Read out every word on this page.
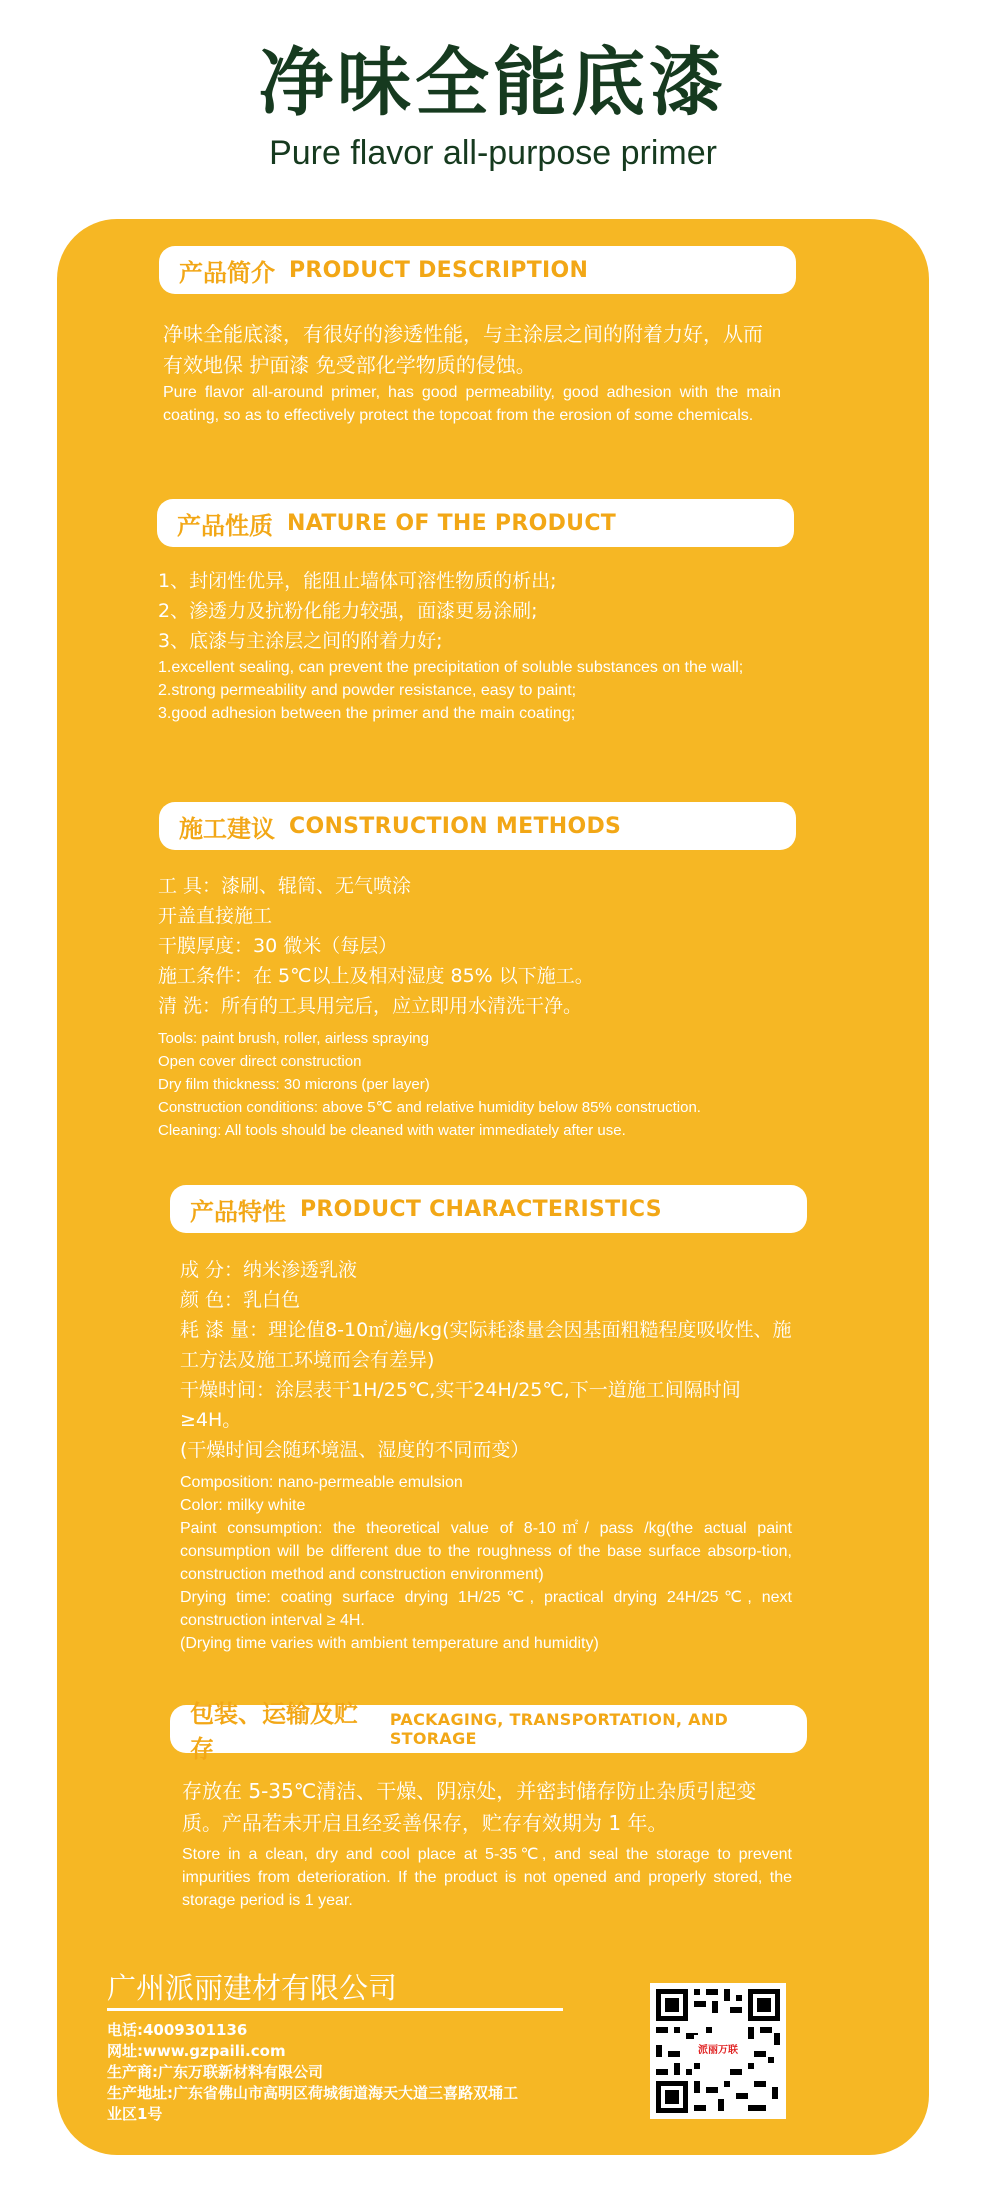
净味全能底漆
Pure flavor all-purpose primer
产品简介 PRODUCT DESCRIPTION

净味全能底漆，有很好的渗透性能，与主涂层之间的附着力好，从而有效地保 护面漆 免受部化学物质的侵蚀。

Pure flavor all-around primer, has good permeability, good adhesion with the main coating, so as to effectively protect the topcoat from the erosion of some chemicals.

产品性质 NATURE OF THE PRODUCT

1、封闭性优异，能阻止墙体可溶性物质的析出;

2、渗透力及抗粉化能力较强，面漆更易涂刷;

3、底漆与主涂层之间的附着力好;

1.excellent sealing, can prevent the precipitation of soluble substances on the wall;

2.strong permeability and powder resistance, easy to paint;

3.good adhesion between the primer and the main coating;

施工建议 CONSTRUCTION METHODS

工 具：漆刷、辊筒、无气喷涂

开盖直接施工

干膜厚度：30 微米（每层）

施工条件：在 5℃以上及相对湿度 85% 以下施工。

清 洗：所有的工具用完后，应立即用水清洗干净。

Tools: paint brush, roller, airless spraying

Open cover direct construction

Dry film thickness: 30 microns (per layer)

Construction conditions: above 5℃ and relative humidity below 85% construction.

Cleaning: All tools should be cleaned with water immediately after use.

产品特性 PRODUCT CHARACTERISTICS

成 分：纳米渗透乳液

颜 色：乳白色

耗 漆 量：理论值8-10㎡/遍/kg(实际耗漆量会因基面粗糙程度吸收性、施工方法及施工环境而会有差异)

干燥时间：涂层表干1H/25℃,实干24H/25℃,下一道施工间隔时间≥4H。

(干燥时间会随环境温、湿度的不同而变）

Composition: nano-permeable emulsion

Color: milky white

Paint consumption: the theoretical value of 8-10㎡/ pass /kg(the actual paint consumption will be different due to the roughness of the base surface absorp-tion, construction method and construction environment)

Drying time: coating surface drying 1H/25℃, practical drying 24H/25℃, next construction interval ≥ 4H.

(Drying time varies with ambient temperature and humidity)

包装、运输及贮存
PACKAGING, TRANSPORTATION, AND STORAGE

存放在 5-35℃清洁、干燥、阴凉处，并密封储存防止杂质引起变质。产品若未开启且经妥善保存，贮存有效期为 1 年。

Store in a clean, dry and cool place at 5-35℃, and seal the storage to prevent impurities from deterioration. If the product is not opened and properly stored, the storage period is 1 year.

广州派丽建材有限公司
电话:4009301136
网址:www.gzpaili.com
生产商:广东万联新材料有限公司
生产地址:广东省佛山市高明区荷城街道海天大道三喜路双埇工业区1号
派丽万联
